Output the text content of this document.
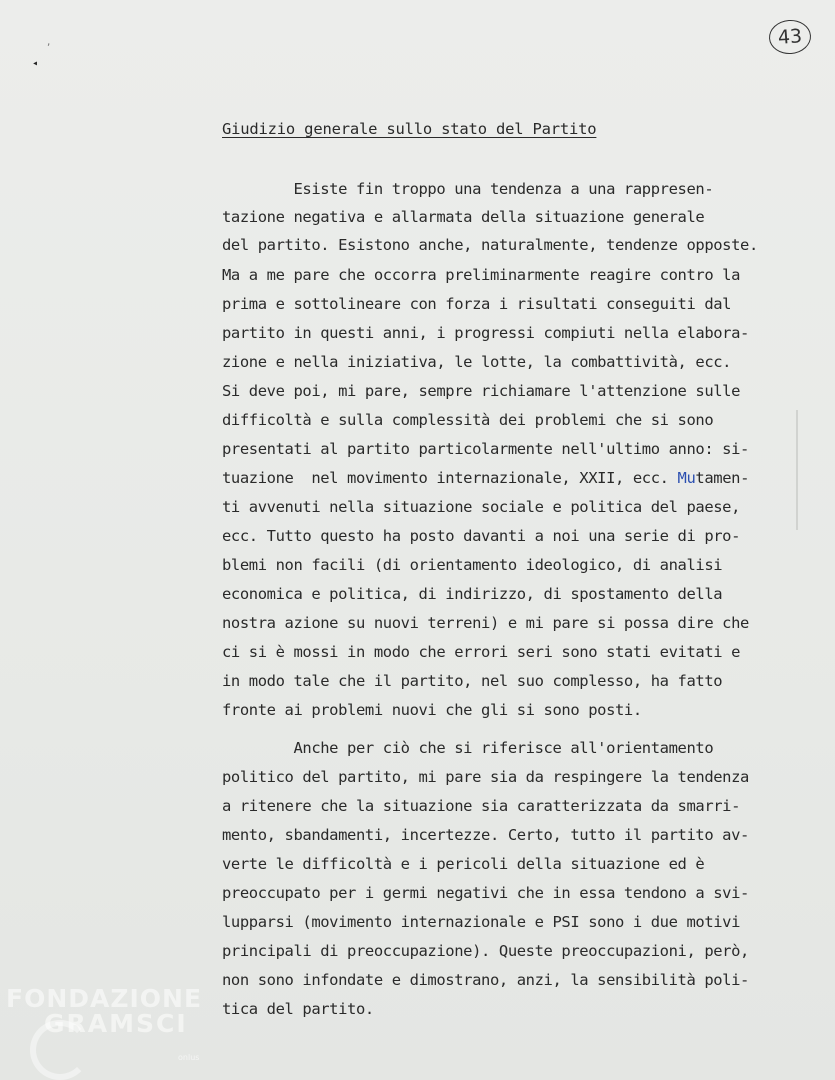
43
◂
,
Giudizio generale sullo stato del Partito
Esiste fin troppo una tendenza a una rappresen-
tazione negativa e allarmata della situazione generale
del partito. Esistono anche, naturalmente, tendenze opposte.
Ma a me pare che occorra preliminarmente reagire contro la
prima e sottolineare con forza i risultati conseguiti dal
partito in questi anni, i progressi compiuti nella elabora-
zione e nella iniziativa, le lotte, la combattività, ecc.
Si deve poi, mi pare, sempre richiamare l'attenzione sulle
difficoltà e sulla complessità dei problemi che si sono
presentati al partito particolarmente nell'ultimo anno: si-
tuazione  nel movimento internazionale, XXII, ecc. Mutamen-
ti avvenuti nella situazione sociale e politica del paese,
ecc. Tutto questo ha posto davanti a noi una serie di pro-
blemi non facili (di orientamento ideologico, di analisi
economica e politica, di indirizzo, di spostamento della
nostra azione su nuovi terreni) e mi pare si possa dire che
ci si è mossi in modo che errori seri sono stati evitati e
in modo tale che il partito, nel suo complesso, ha fatto
fronte ai problemi nuovi che gli si sono posti.
Anche per ciò che si riferisce all'orientamento
politico del partito, mi pare sia da respingere la tendenza
a ritenere che la situazione sia caratterizzata da smarri-
mento, sbandamenti, incertezze. Certo, tutto il partito av-
verte le difficoltà e i pericoli della situazione ed è
preoccupato per i germi negativi che in essa tendono a svi-
lupparsi (movimento internazionale e PSI sono i due motivi
principali di preoccupazione). Queste preoccupazioni, però,
non sono infondate e dimostrano, anzi, la sensibilità poli-
tica del partito.
FONDAZIONE
GRAMSCI
onlus
